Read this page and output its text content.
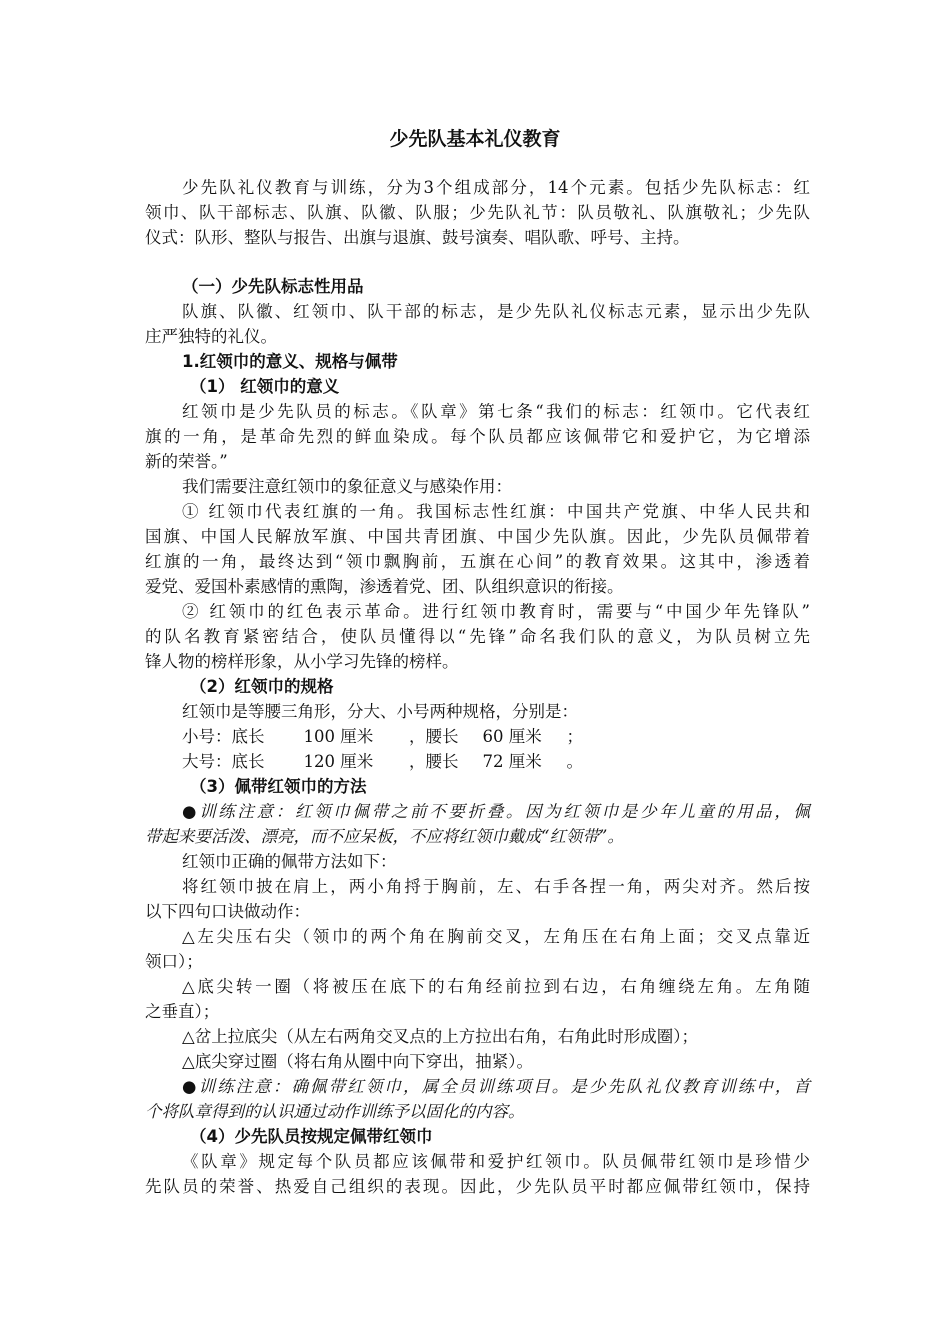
少先队基本礼仪教育
少先队礼仪教育与训练，分为3个组成部分，14个元素。包括少先队标志：红
领巾、队干部标志、队旗、队徽、队服；少先队礼节：队员敬礼、队旗敬礼；少先队
仪式：队形、整队与报告、出旗与退旗、鼓号演奏、唱队歌、呼号、主持。
（一）少先队标志性用品
队旗、队徽、红领巾、队干部的标志，是少先队礼仪标志元素，显示出少先队
庄严独特的礼仪。
1.红领巾的意义、规格与佩带
（1） 红领巾的意义
红领巾是少先队员的标志。《队章》第七条“我们的标志：红领巾。它代表红
旗的一角，是革命先烈的鲜血染成。每个队员都应该佩带它和爱护它，为它增添
新的荣誉。”
我们需要注意红领巾的象征意义与感染作用：
① 红领巾代表红旗的一角。我国标志性红旗：中国共产党旗、中华人民共和
国旗、中国人民解放军旗、中国共青团旗、中国少先队旗。因此，少先队员佩带着
红旗的一角，最终达到“领巾飘胸前，五旗在心间”的教育效果。这其中，渗透着
爱党、爱国朴素感情的熏陶，渗透着党、团、队组织意识的衔接。
② 红领巾的红色表示革命。进行红领巾教育时，需要与“中国少年先锋队”
的队名教育紧密结合，使队员懂得以“先锋”命名我们队的意义，为队员树立先
锋人物的榜样形象，从小学习先锋的榜样。
（2）红领巾的规格
红领巾是等腰三角形，分大、小号两种规格，分别是：
小号：底长 100 厘米 ，腰长 60 厘米 ；
大号：底长 120 厘米 ，腰长 72 厘米 。
（3）佩带红领巾的方法
●训练注意：红领巾佩带之前不要折叠。因为红领巾是少年儿童的用品，佩
带起来要活泼、漂亮，而不应呆板，不应将红领巾戴成“红领带”。
红领巾正确的佩带方法如下：
将红领巾披在肩上，两小角捋于胸前，左、右手各捏一角，两尖对齐。然后按
以下四句口诀做动作：
△左尖压右尖（领巾的两个角在胸前交叉，左角压在右角上面；交叉点靠近
领口）；
△底尖转一圈（将被压在底下的右角经前拉到右边，右角缠绕左角。左角随
之垂直）；
△岔上拉底尖（从左右两角交叉点的上方拉出右角，右角此时形成圈）；
△底尖穿过圈（将右角从圈中向下穿出，抽紧）。
●训练注意：确佩带红领巾，属全员训练项目。是少先队礼仪教育训练中，首
个将队章得到的认识通过动作训练予以固化的内容。
（4）少先队员按规定佩带红领巾
《队章》规定每个队员都应该佩带和爱护红领巾。队员佩带红领巾是珍惜少
先队员的荣誉、热爱自己组织的表现。因此，少先队员平时都应佩带红领巾，保持
